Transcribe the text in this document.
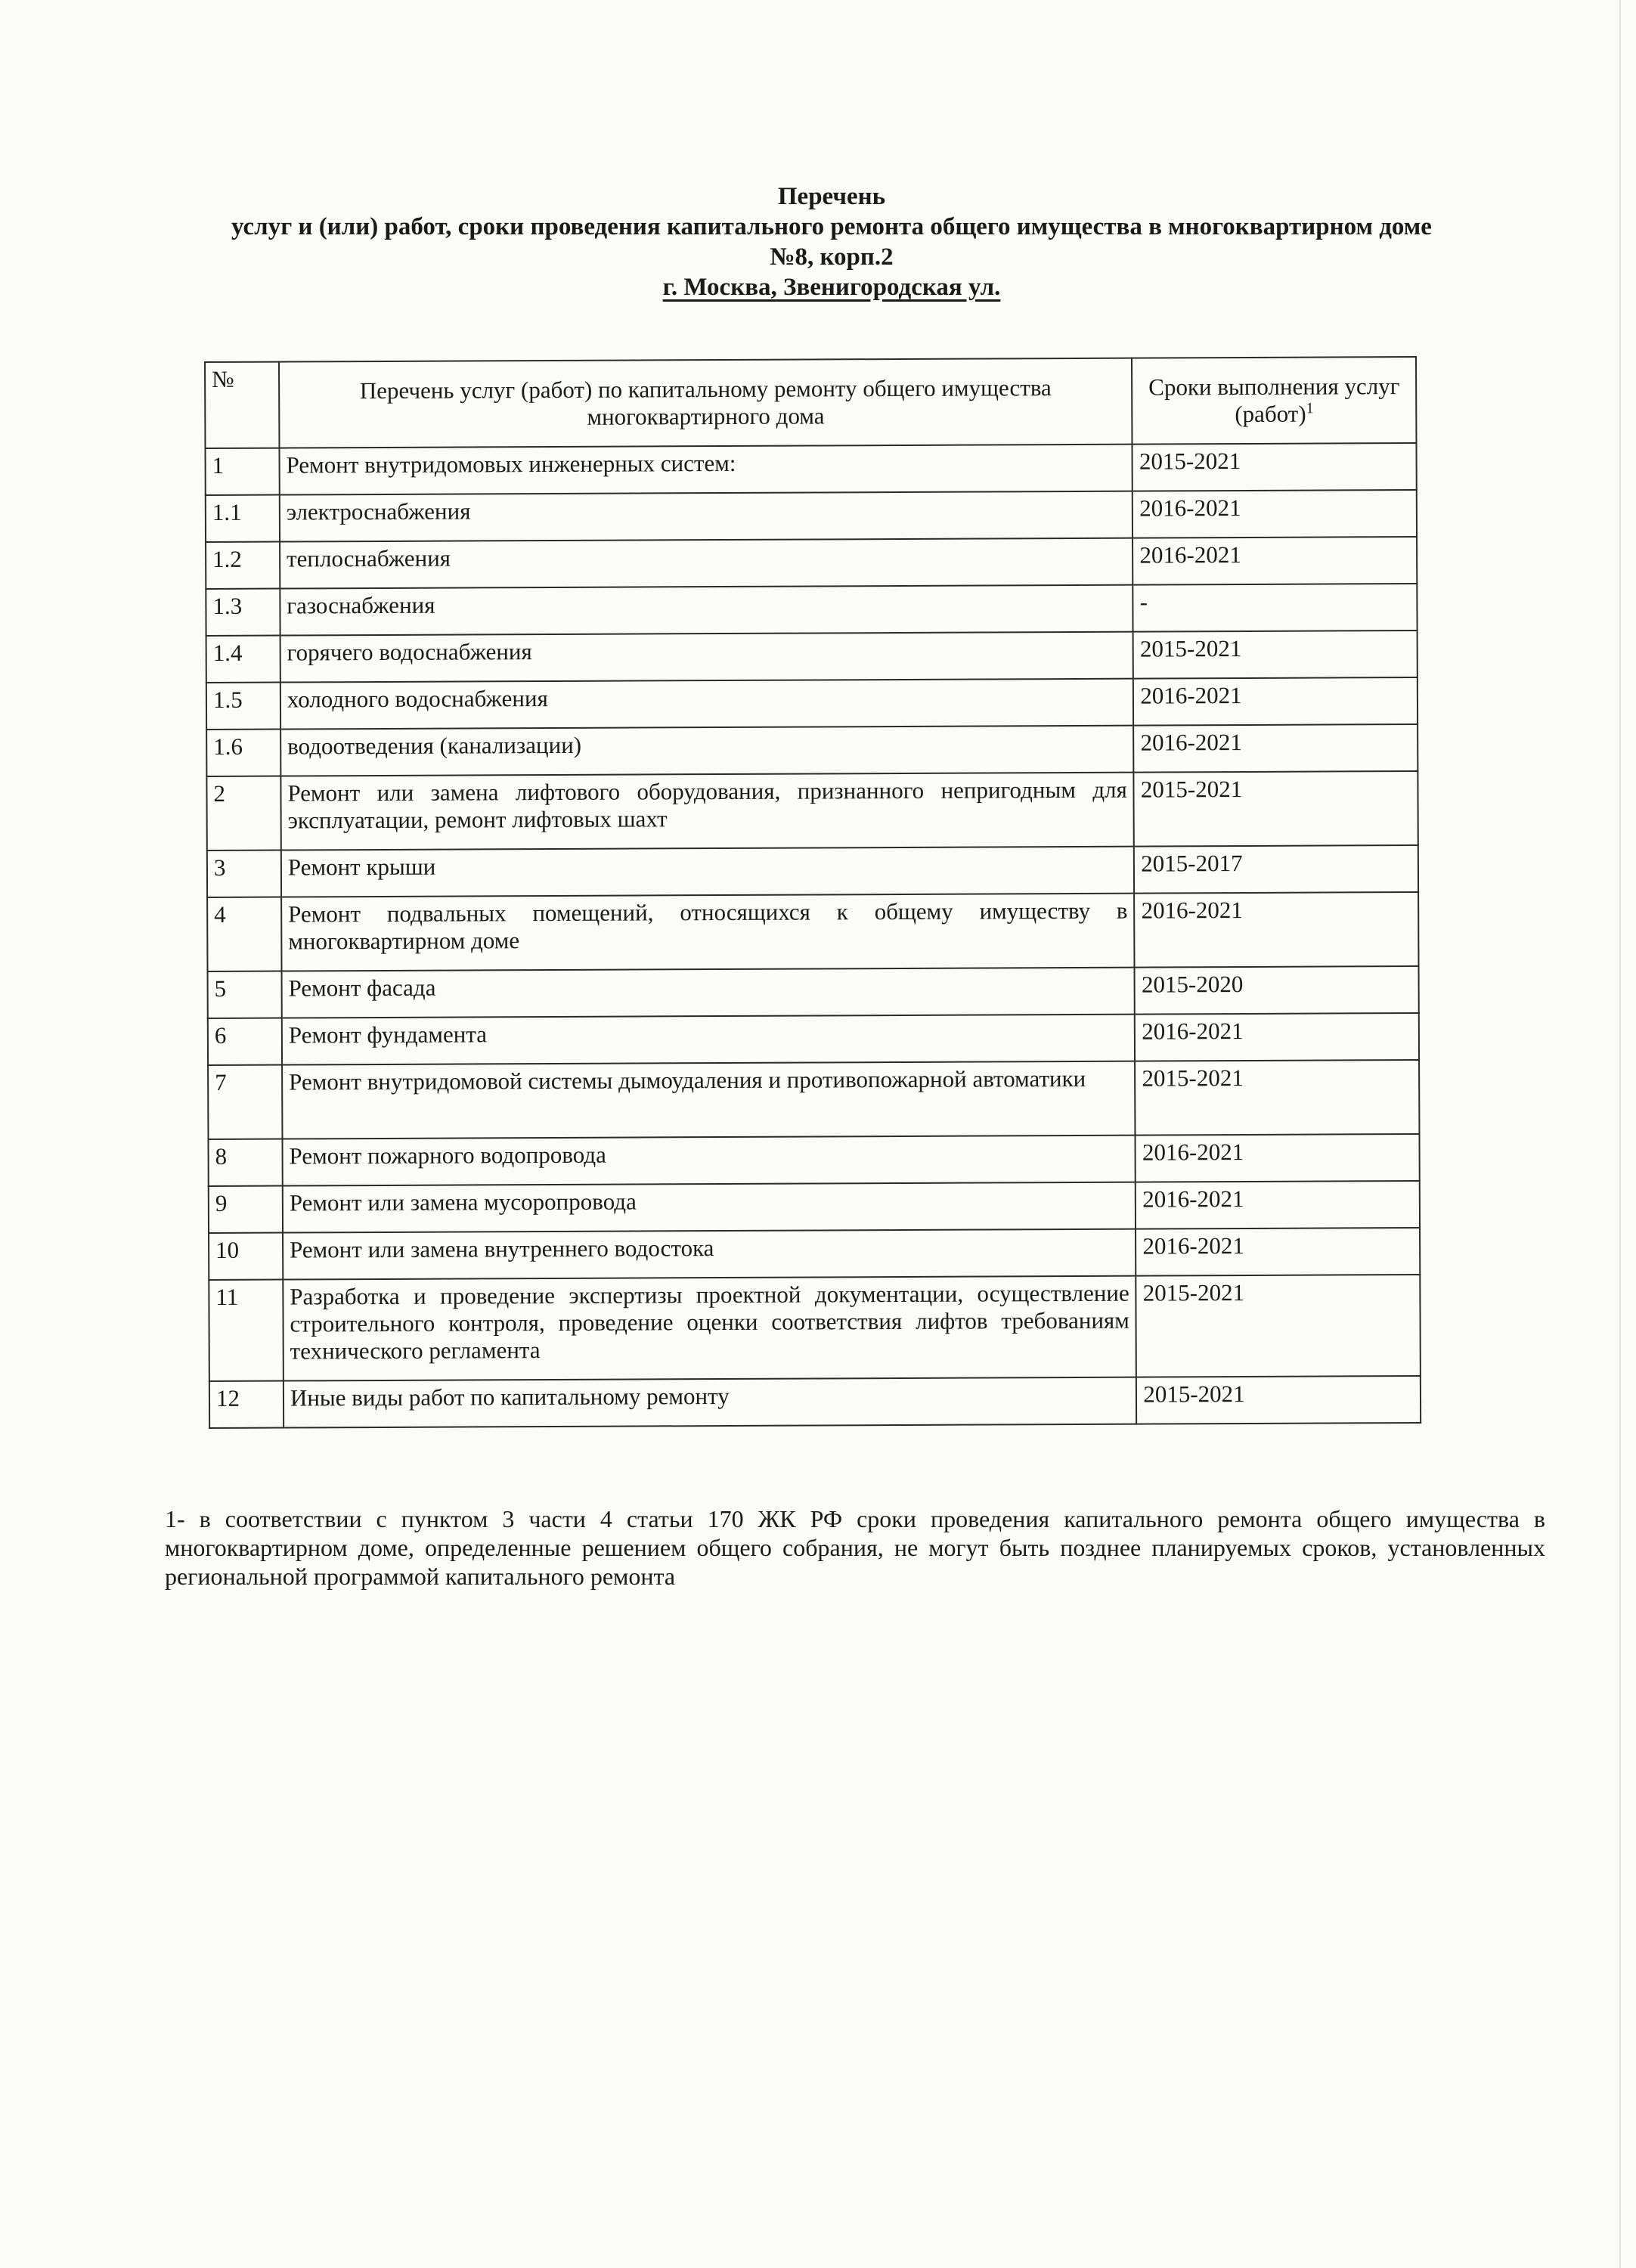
Перечень
услуг и (или) работ, сроки проведения капитального ремонта общего имущества в многоквартирном доме
№8, корп.2
г. Москва, Звенигородская ул.
№	Перечень услуг (работ) по капитальному ремонту общего имущества многоквартирного дома	Сроки выполнения услуг (работ)$^1$
1	Ремонт внутридомовых инженерных систем:	2015-2021
1.1	электроснабжения	2016-2021
1.2	теплоснабжения	2016-2021
1.3	газоснабжения	-
1.4	горячего водоснабжения	2015-2021
1.5	холодного водоснабжения	2016-2021
1.6	водоотведения (канализации)	2016-2021
2	Ремонт или замена лифтового оборудования, признанного непригодным для эксплуатации, ремонт лифтовых шахт	2015-2021
3	Ремонт крыши	2015-2017
4	Ремонт подвальных помещений, относящихся к общему имуществу в многоквартирном доме	2016-2021
5	Ремонт фасада	2015-2020
6	Ремонт фундамента	2016-2021
7	Ремонт внутридомовой системы дымоудаления и противопожарной автоматики	2015-2021
8	Ремонт пожарного водопровода	2016-2021
9	Ремонт или замена мусоропровода	2016-2021
10	Ремонт или замена внутреннего водостока	2016-2021
11	Разработка и проведение экспертизы проектной документации, осуществление строительного контроля, проведение оценки соответствия лифтов требованиям технического регламента	2015-2021
12	Иные виды работ по капитальному ремонту	2015-2021
1- в соответствии с пунктом 3 части 4 статьи 170 ЖК РФ сроки проведения капитального ремонта общего имущества в многоквартирном доме, определенные решением общего собрания, не могут быть позднее планируемых сроков, установленных региональной программой капитального ремонта
